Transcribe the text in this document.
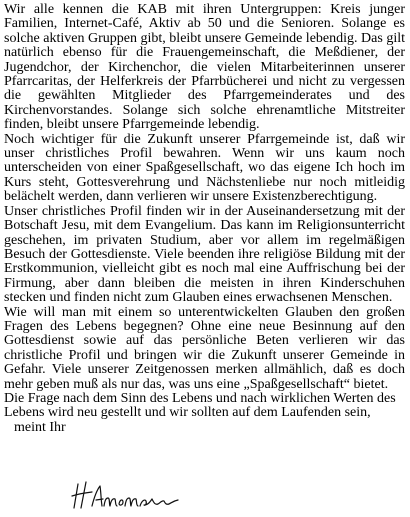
Wir alle kennen die KAB mit ihren Untergruppen: Kreis junger Familien, Internet-Café, Aktiv ab 50 und die Senioren. Solange es solche aktiven Gruppen gibt, bleibt unsere Gemeinde lebendig. Das gilt natürlich ebenso für die Frauengemeinschaft, die Meßdiener, der Jugendchor, der Kirchenchor, die vielen Mitarbeiterinnen unserer Pfarrcaritas, der Helferkreis der Pfarrbücherei und nicht zu vergessen die gewählten Mitglieder des Pfarrgemeinderates und des Kirchenvorstandes. Solange sich solche ehrenamtliche Mitstreiter finden, bleibt unsere Pfarrgemeinde lebendig.

Noch wichtiger für die Zukunft unserer Pfarrgemeinde ist, daß wir unser christliches Profil bewahren. Wenn wir uns kaum noch unterscheiden von einer Spaßgesellschaft, wo das eigene Ich hoch im Kurs steht, Gottesverehrung und Nächstenliebe nur noch mitleidig belächelt werden, dann verlieren wir unsere Existenzberechtigung.

Unser christliches Profil finden wir in der Auseinandersetzung mit der Botschaft Jesu, mit dem Evangelium. Das kann im Religionsunterricht geschehen, im privaten Studium, aber vor allem im regelmäßigen Besuch der Gottesdienste. Viele beenden ihre religiöse Bildung mit der Erstkommunion, vielleicht gibt es noch mal eine Auffrischung bei der Firmung, aber dann bleiben die meisten in ihren Kinderschuhen stecken und finden nicht zum Glauben eines erwachsenen Menschen.

Wie will man mit einem so unterentwickelten Glauben den großen Fragen des Lebens begegnen? Ohne eine neue Besinnung auf den Gottesdienst sowie auf das persönliche Beten verlieren wir das christliche Profil und bringen wir die Zukunft unserer Gemeinde in Gefahr. Viele unserer Zeitgenossen merken allmählich, daß es doch mehr geben muß als nur das, was uns eine „Spaßgesellschaft“ bietet.

Die Frage nach dem Sinn des Lebens und nach wirklichen Werten des Lebens wird neu gestellt und wir sollten auf dem Laufenden sein,

meint Ihr
